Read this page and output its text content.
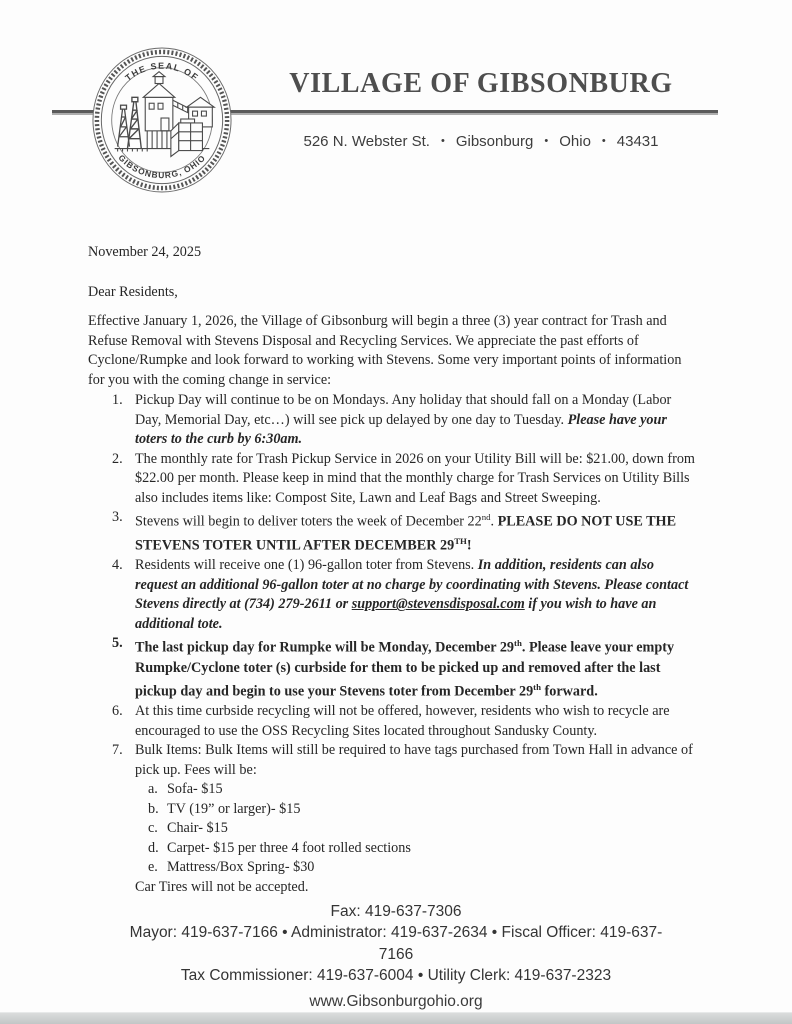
THE SEAL OF
GIBSONBURG, OHIO
VILLAGE OF GIBSONBURG
526 N. Webster St. • Gibsonburg • Ohio • 43431
November 24, 2025
Dear Residents,
Effective January 1, 2026, the Village of Gibsonburg will begin a three (3) year contract for Trash and Refuse Removal with Stevens Disposal and Recycling Services. We appreciate the past efforts of Cyclone/Rumpke and look forward to working with Stevens. Some very important points of information for you with the coming change in service:
1. Pickup Day will continue to be on Mondays. Any holiday that should fall on a Monday (Labor Day, Memorial Day, etc…) will see pick up delayed by one day to Tuesday. Please have your toters to the curb by 6:30am.
2. The monthly rate for Trash Pickup Service in 2026 on your Utility Bill will be: $21.00, down from $22.00 per month. Please keep in mind that the monthly charge for Trash Services on Utility Bills also includes items like: Compost Site, Lawn and Leaf Bags and Street Sweeping.
3. Stevens will begin to deliver toters the week of December 22nd. PLEASE DO NOT USE THE STEVENS TOTER UNTIL AFTER DECEMBER 29TH!
4. Residents will receive one (1) 96-gallon toter from Stevens. In addition, residents can also request an additional 96-gallon toter at no charge by coordinating with Stevens. Please contact Stevens directly at (734) 279-2611 or support@stevensdisposal.com if you wish to have an additional tote.
5. The last pickup day for Rumpke will be Monday, December 29th. Please leave your empty Rumpke/Cyclone toter (s) curbside for them to be picked up and removed after the last pickup day and begin to use your Stevens toter from December 29th forward.
6. At this time curbside recycling will not be offered, however, residents who wish to recycle are encouraged to use the OSS Recycling Sites located throughout Sandusky County.
7. Bulk Items: Bulk Items will still be required to have tags purchased from Town Hall in advance of pick up. Fees will be:
a. Sofa- $15
b. TV (19” or larger)- $15
c. Chair- $15
d. Carpet- $15 per three 4 foot rolled sections
e. Mattress/Box Spring- $30
Car Tires will not be accepted.
Fax: 419-637-7306
Mayor: 419-637-7166 • Administrator: 419-637-2634 • Fiscal Officer: 419-637-
7166
Tax Commissioner: 419-637-6004 • Utility Clerk: 419-637-2323
www.Gibsonburgohio.org
